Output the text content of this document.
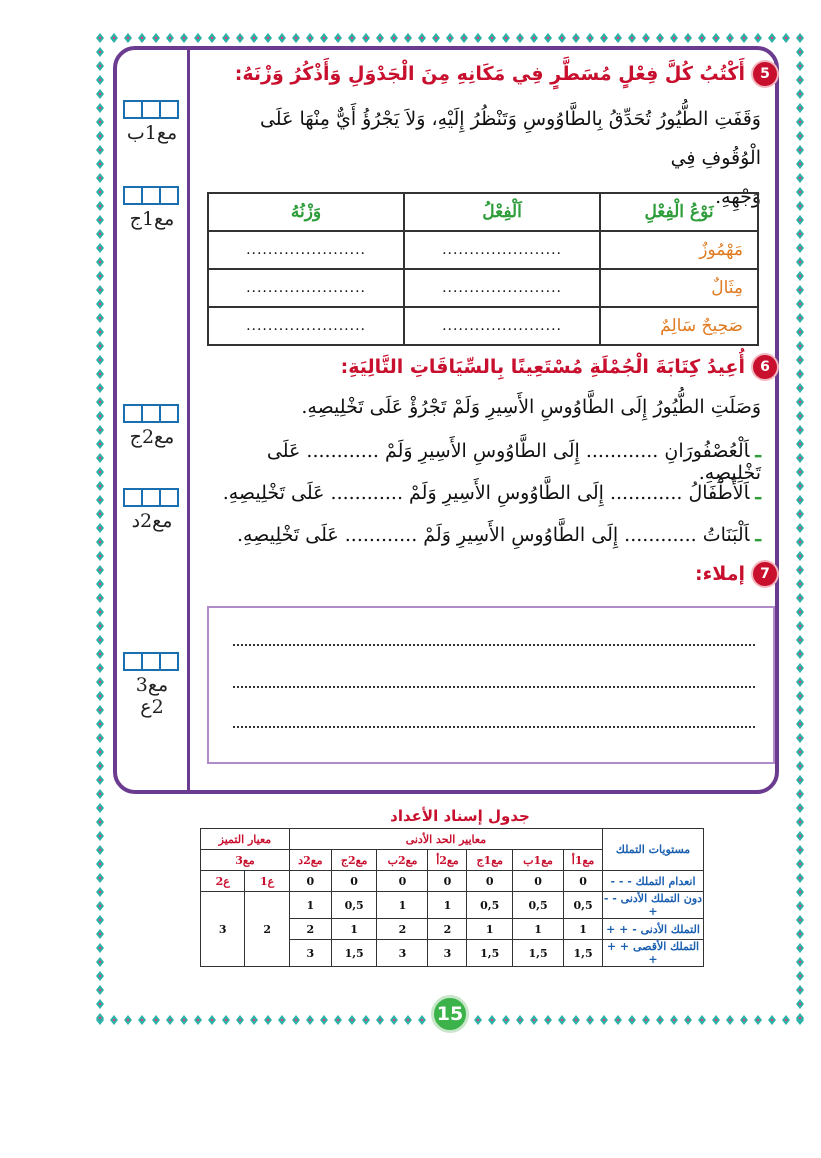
مع1ب
مع1ج
مع2ج
مع2د
مع3
2ع
5
أَكْتُبُ كُلَّ فِعْلٍ مُسَطَّرٍ فِي مَكَانِهِ مِنَ الْجَدْوَلِ وَأَذْكُرُ وَزْنَهُ:
وَقَفَتِ الطُّيُورُ تُحَدِّقُ بِالطَّاوُوسِ وَتَنْظُرُ إِلَيْهِ، وَلاَ يَجْرُؤُ أَيٌّ مِنْهَا عَلَى الْوُقُوفِ فِي
وَجْهِهِ.
نَوْعُ الْفِعْلِ	اَلْفِعْلُ	وَزْنُهُ
مَهْمُوزٌ	......................	......................
مِثَالٌ	......................	......................
صَحِيحٌ سَالِمٌ	......................	......................
6
أُعِيدُ كِتَابَةَ الْجُمْلَةِ مُسْتَعِينًا بِالسِّيَاقَاتِ التَّالِيَةِ:
وَصَلَتِ الطُّيُورُ إِلَى الطَّاوُوسِ الأَسِيرِ وَلَمْ تَجْرُؤْ عَلَى تَخْلِيصِهِ.
ـاَلْعُصْفُورَانِ ............ إِلَى الطَّاوُوسِ الأَسِيرِ وَلَمْ ............ عَلَى تَخْلِيصِهِ.
ـاَلأَطْفَالُ ............ إِلَى الطَّاوُوسِ الأَسِيرِ وَلَمْ ............ عَلَى تَخْلِيصِهِ.
ـاَلْبَنَاتُ ............ إِلَى الطَّاوُوسِ الأَسِيرِ وَلَمْ ............ عَلَى تَخْلِيصِهِ.
7
إملاء:
جدول إسناد الأعداد
مستويات التملك	معايير الحد الأدنى							معيار التميز	
	مع1أ	مع1ب	مع1ج	مع2أ	مع2ب	مع2ج	مع2د	مع3	
انعدام التملك - - -	0	0	0	0	0	0	0	ع1	ع2
دون التملك الأدنى - - +	0,5	0,5	0,5	1	1	0,5	1	2	3
التملك الأدنى - + +	1	1	1	2	2	1	2		
التملك الأقصى + + +	1,5	1,5	1,5	3	3	1,5	3		
15
